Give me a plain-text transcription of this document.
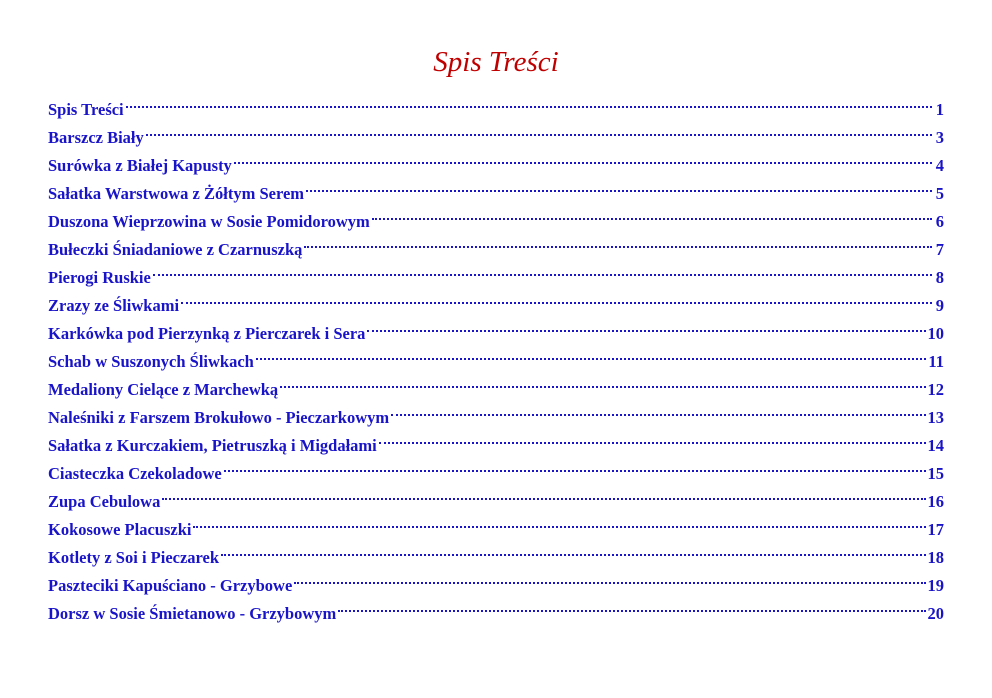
Spis Treści
Spis Treści	1
Barszcz Biały	3
Surówka z Białej Kapusty	4
Sałatka Warstwowa z Żółtym Serem	5
Duszona Wieprzowina w Sosie Pomidorowym	6
Bułeczki Śniadaniowe z Czarnuszką	7
Pierogi Ruskie	8
Zrazy ze Śliwkami	9
Karkówka pod Pierzynką z Pierczarek i Sera	10
Schab w Suszonych Śliwkach	11
Medaliony Cielące z Marchewką	12
Naleśniki z Farszem Brokułowo - Pieczarkowym	13
Sałatka z Kurczakiem, Pietruszką i Migdałami	14
Ciasteczka Czekoladowe	15
Zupa Cebulowa	16
Kokosowe Placuszki	17
Kotlety z Soi i Pieczarek	18
Paszteciki Kapuściano - Grzybowe	19
Dorsz w Sosie Śmietanowo - Grzybowym	20
